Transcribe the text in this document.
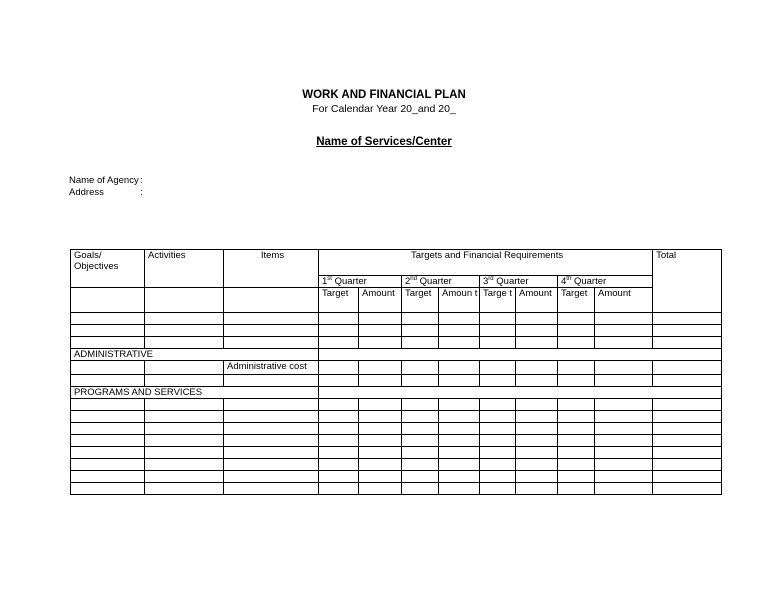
WORK AND FINANCIAL PLAN
For Calendar Year 20_and 20_
Name of Services/Center
Name of Agency :
Address	:
Goals/ Objectives	Activities	Items	Targets and Financial Requirements								Total
			1st Quarter		2nd Quarter		3rd Quarter		4th Quarter		
			Target	Amount	Target	Amoun t	Targe t	Amount	Target	Amount	

ADMINISTRATIVE											
		Administrative cost									

PROGRAMS AND SERVICES											
